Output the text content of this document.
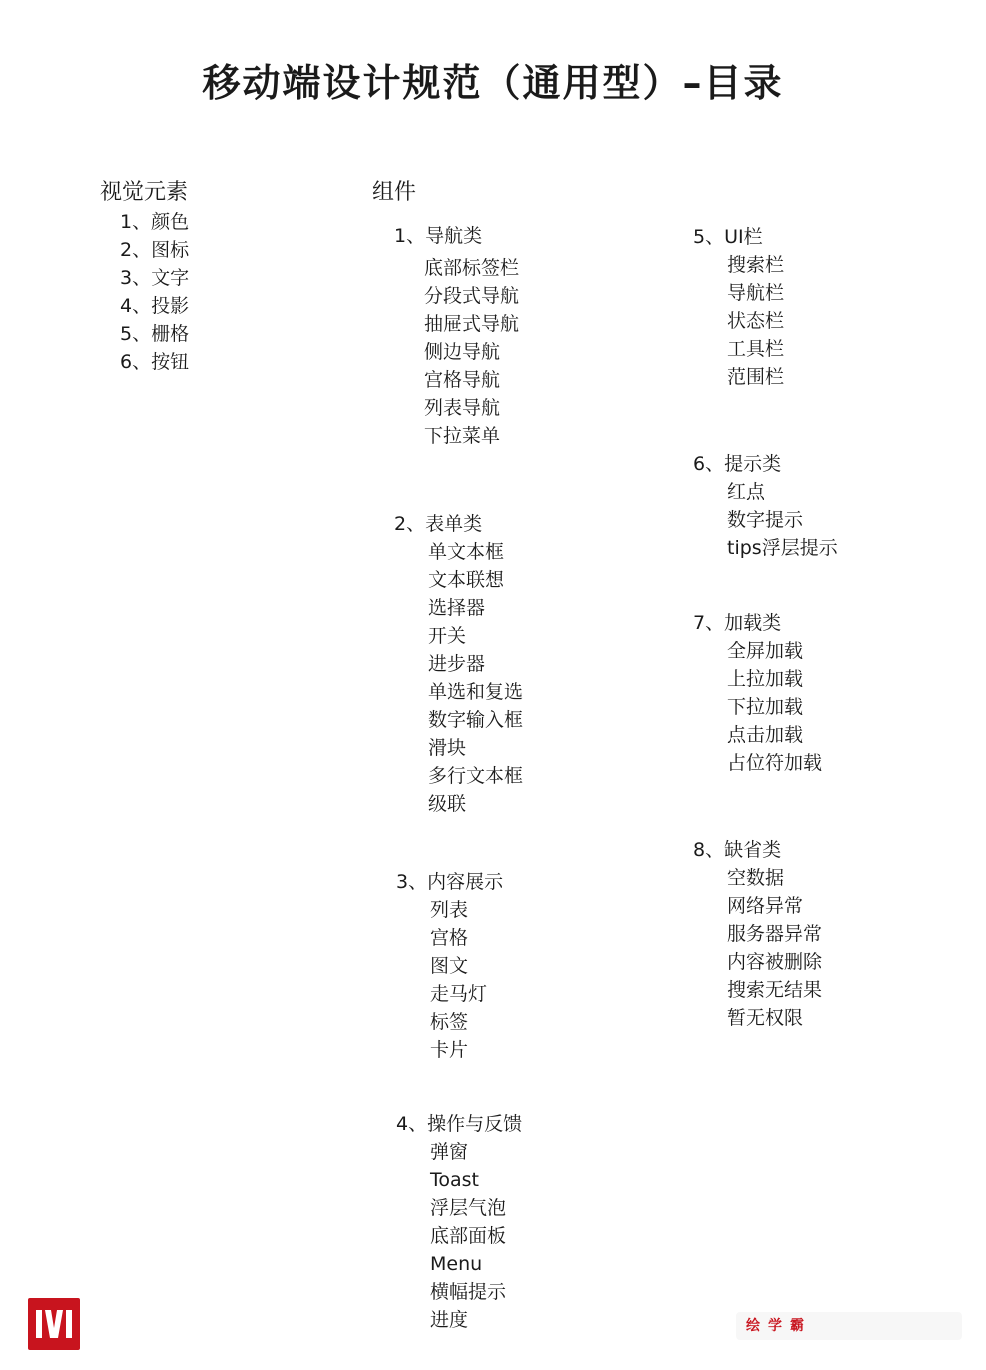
移动端设计规范（通用型）–目录
视觉元素
1、颜色
2、图标
3、文字
4、投影
5、栅格
6、按钮
组件
1、导航类
底部标签栏
分段式导航
抽屉式导航
侧边导航
宫格导航
列表导航
下拉菜单
2、表单类
单文本框
文本联想
选择器
开关
进步器
单选和复选
数字输入框
滑块
多行文本框
级联
3、内容展示
列表
宫格
图文
走马灯
标签
卡片
4、操作与反馈
弹窗
Toast
浮层气泡
底部面板
Menu
横幅提示
进度
5、UI栏
搜索栏
导航栏
状态栏
工具栏
范围栏
6、提示类
红点
数字提示
tips浮层提示
7、加载类
全屏加载
上拉加载
下拉加载
点击加载
占位符加载
8、缺省类
空数据
网络异常
服务器异常
内容被删除
搜索无结果
暂无权限
绘学霸
